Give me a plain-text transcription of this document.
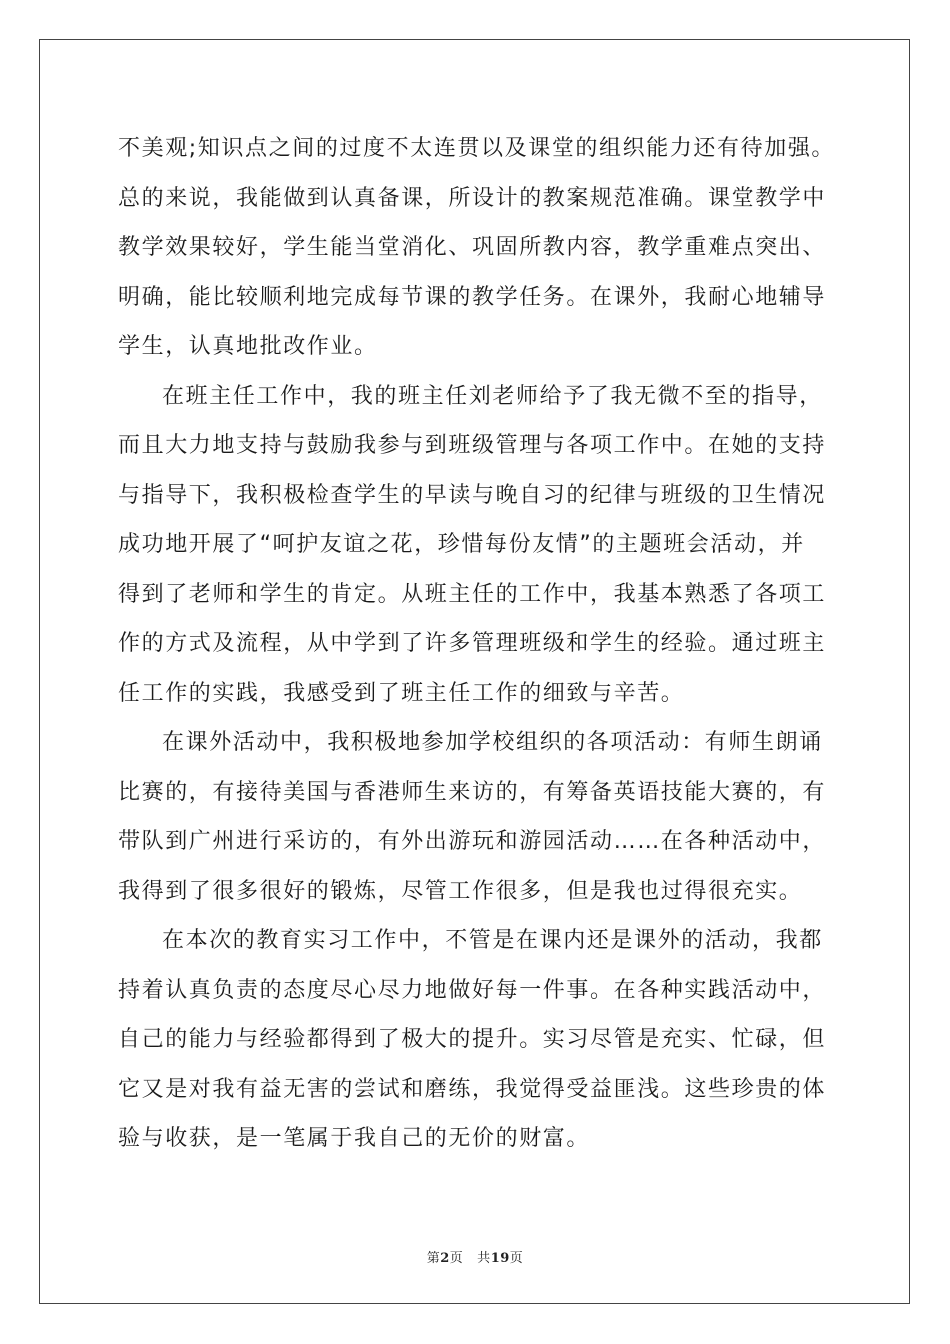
不美观;知识点之间的过度不太连贯以及课堂的组织能力还有待加强。
总的来说，我能做到认真备课，所设计的教案规范准确。课堂教学中
教学效果较好，学生能当堂消化、巩固所教内容，教学重难点突出、
明确，能比较顺利地完成每节课的教学任务。在课外，我耐心地辅导
学生，认真地批改作业。
在班主任工作中，我的班主任刘老师给予了我无微不至的指导，
而且大力地支持与鼓励我参与到班级管理与各项工作中。在她的支持
与指导下，我积极检查学生的早读与晚自习的纪律与班级的卫生情况
成功地开展了“呵护友谊之花，珍惜每份友情”的主题班会活动，并
得到了老师和学生的肯定。从班主任的工作中，我基本熟悉了各项工
作的方式及流程，从中学到了许多管理班级和学生的经验。通过班主
任工作的实践，我感受到了班主任工作的细致与辛苦。
在课外活动中，我积极地参加学校组织的各项活动：有师生朗诵
比赛的，有接待美国与香港师生来访的，有筹备英语技能大赛的，有
带队到广州进行采访的，有外出游玩和游园活动……在各种活动中，
我得到了很多很好的锻炼，尽管工作很多，但是我也过得很充实。
在本次的教育实习工作中，不管是在课内还是课外的活动，我都
持着认真负责的态度尽心尽力地做好每一件事。在各种实践活动中，
自己的能力与经验都得到了极大的提升。实习尽管是充实、忙碌，但
它又是对我有益无害的尝试和磨练，我觉得受益匪浅。这些珍贵的体
验与收获，是一笔属于我自己的无价的财富。
第2页 共19页
